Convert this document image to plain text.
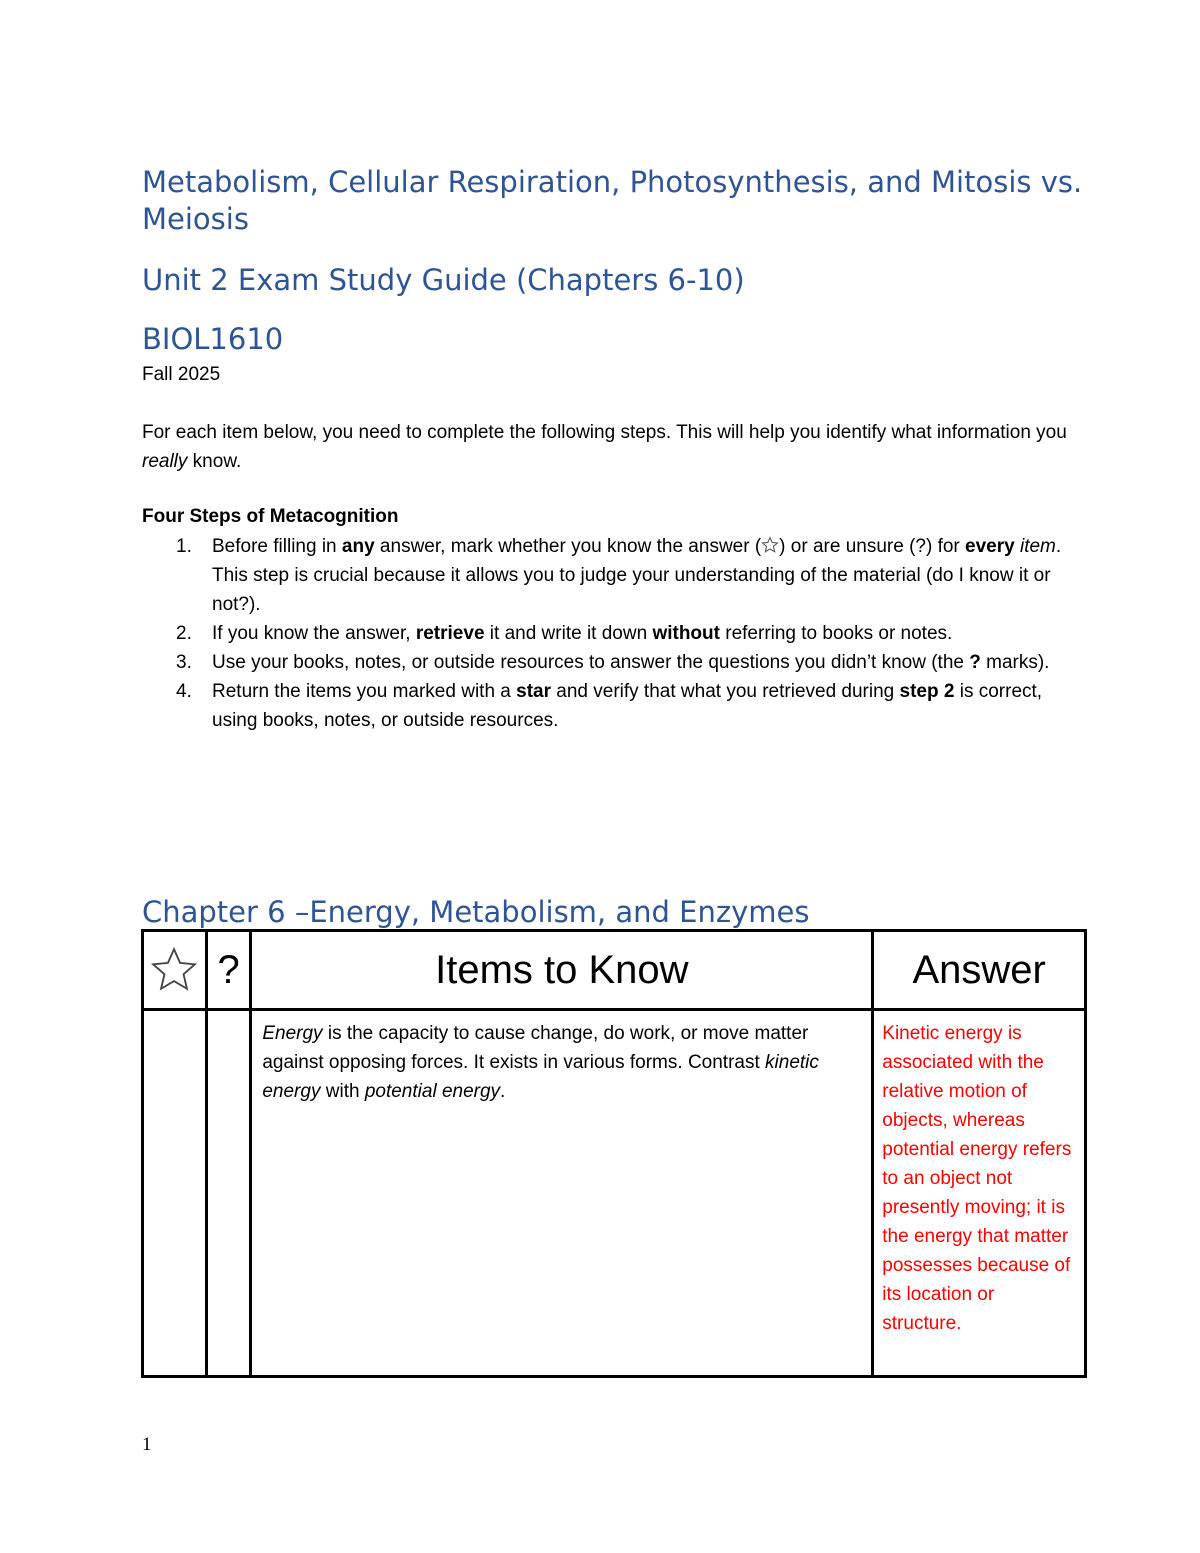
Metabolism, Cellular Respiration, Photosynthesis, and Mitosis vs. Meiosis
Unit 2 Exam Study Guide (Chapters 6-10)
BIOL1610
Fall 2025

For each item below, you need to complete the following steps. This will help you identify what information you really know.

Four Steps of Metacognition
1. Before filling in any answer, mark whether you know the answer ( ) or are unsure (?) for every item. This step is crucial because it allows you to judge your understanding of the material (do I know it or not?).
2. If you know the answer, retrieve it and write it down without referring to books or notes.
3. Use your books, notes, or outside resources to answer the questions you didn’t know (the ? marks).
4. Return the items you marked with a star and verify that what you retrieved during step 2 is correct, using books, notes, or outside resources.
Chapter 6 –Energy, Metabolism, and Enzymes
	?	Items to Know	Answer

		Energy is the capacity to cause change, do work, or move matter against opposing forces. It exists in various forms. Contrast kinetic energy with potential energy.	Kinetic energy is associated with the relative motion of objects, whereas potential energy refers to an object not presently moving; it is the energy that matter possesses because of its location or structure.
1
